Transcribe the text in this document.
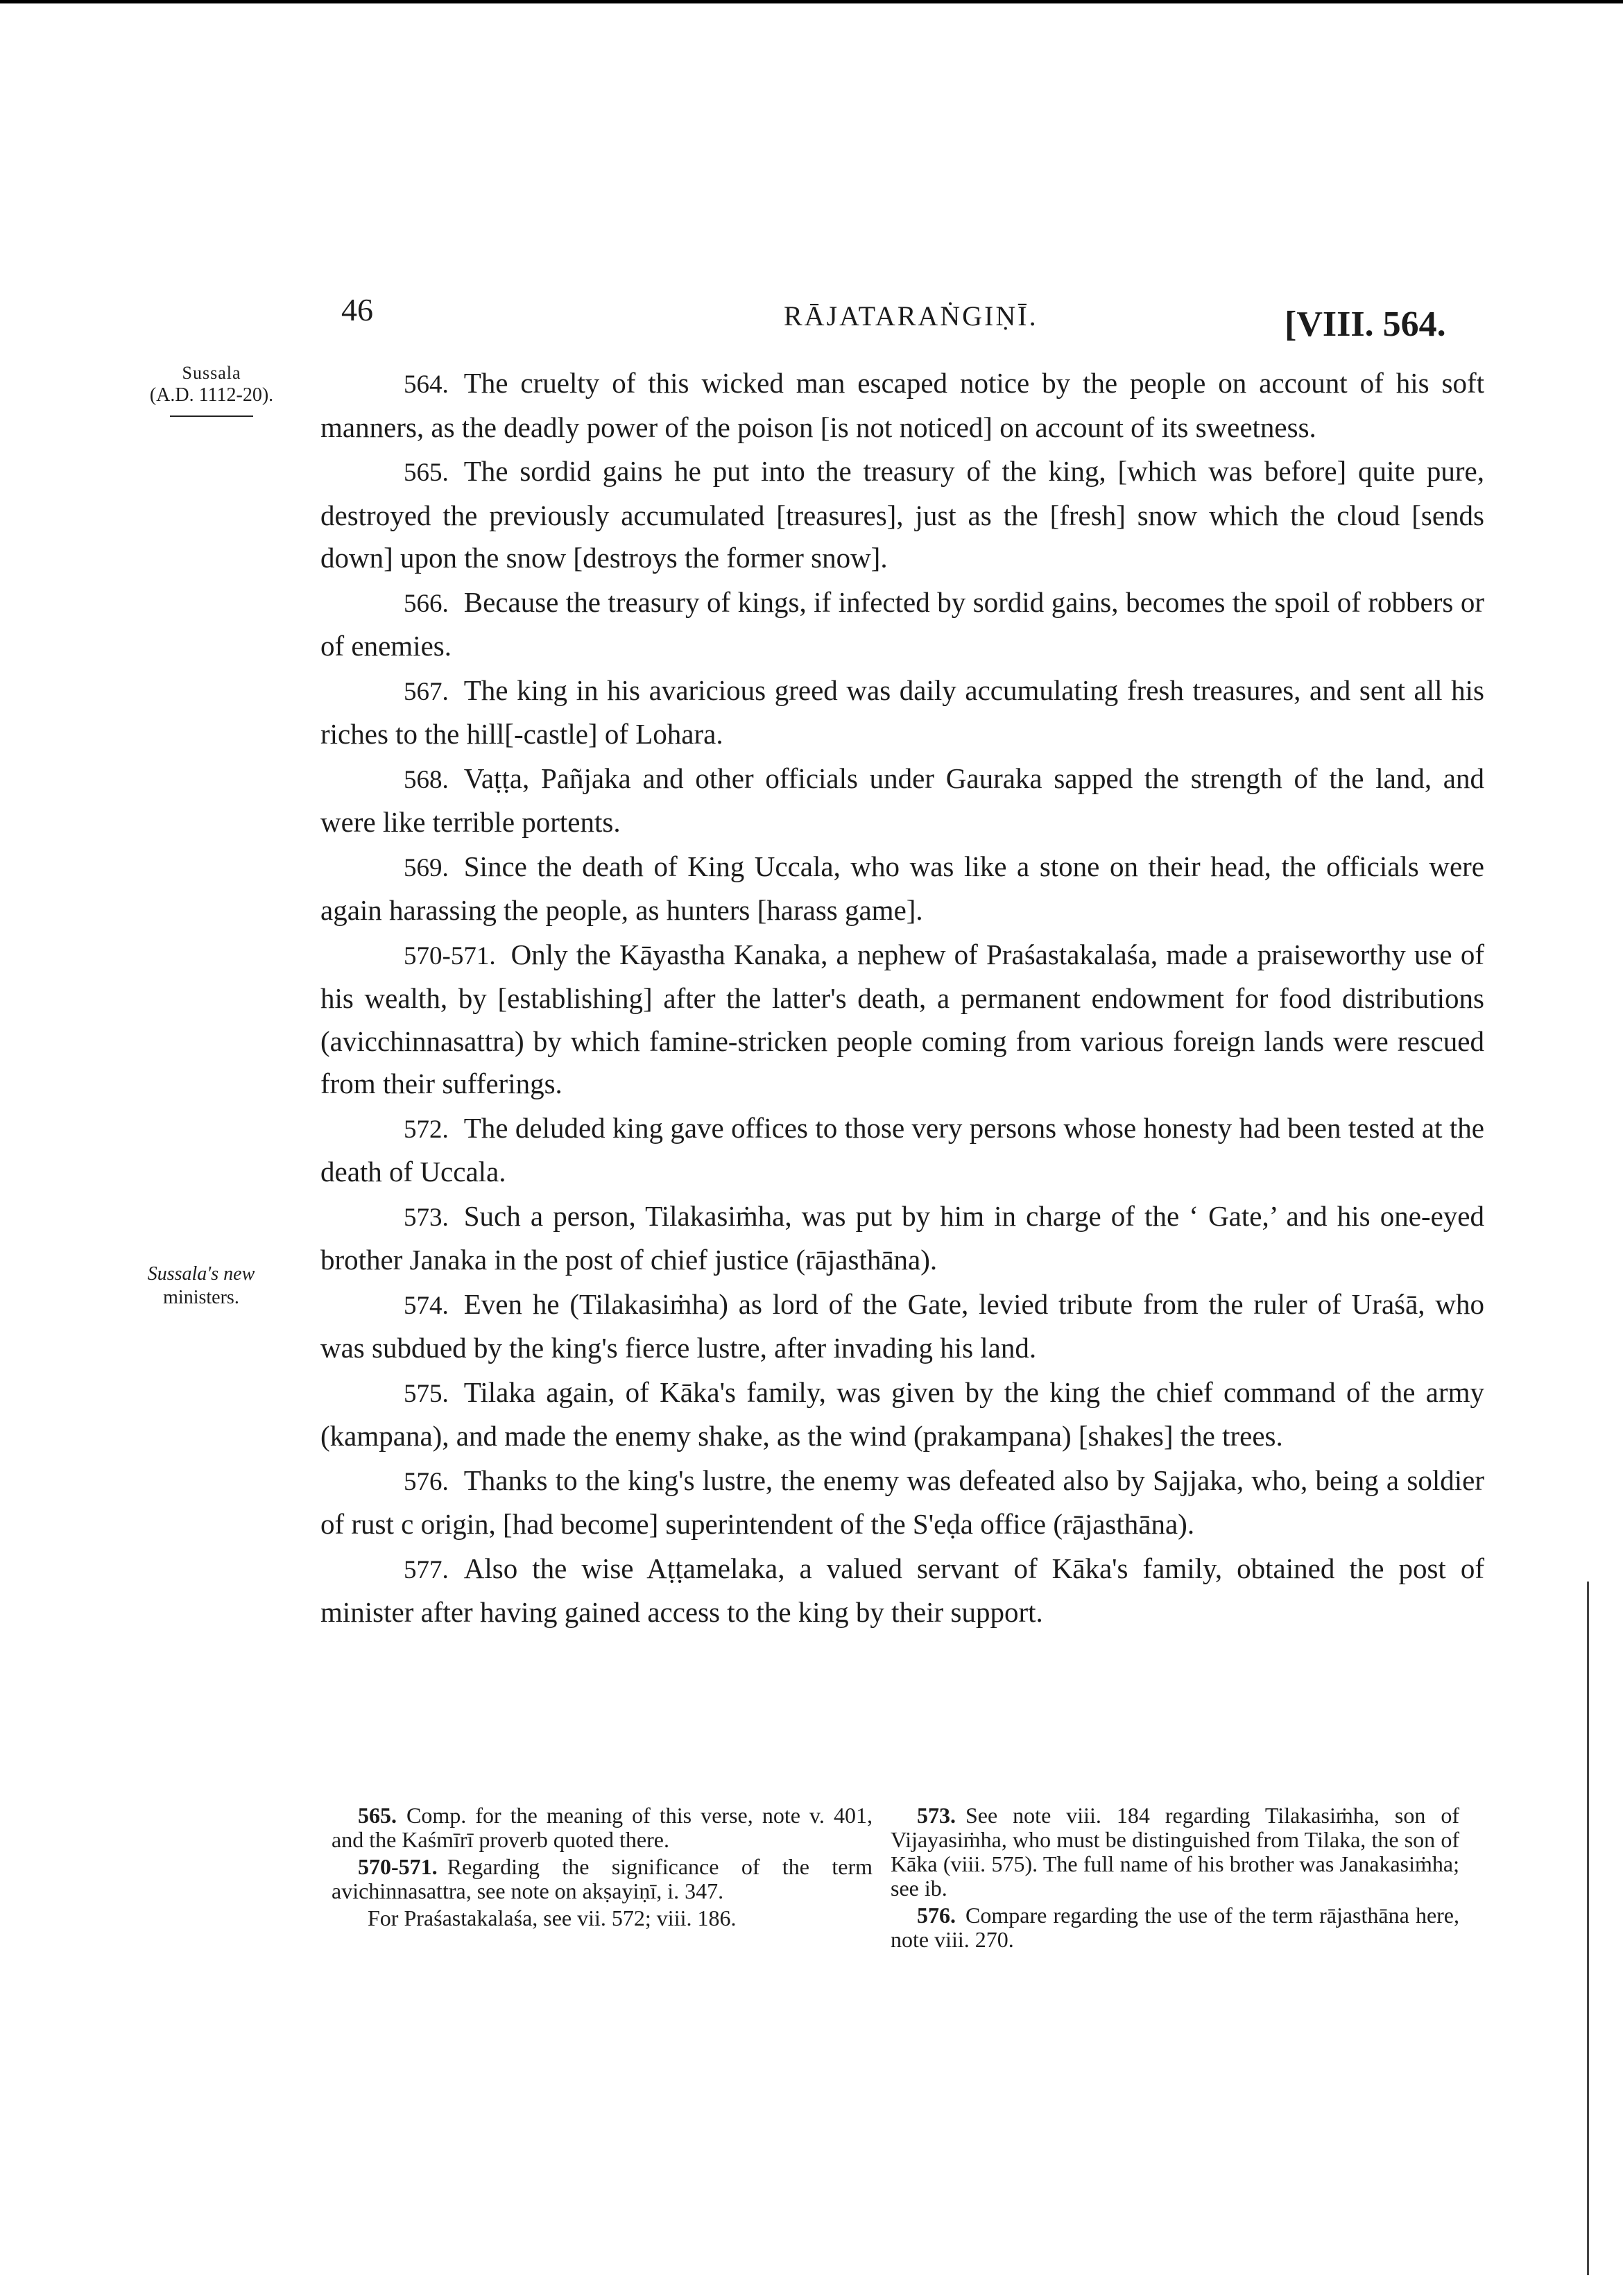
46	RĀJATARAṄGIṆĪ.	[VIII. 564.
Sussala
(A.D. 1112-20).
Sussala's new
ministers.

564. The cruelty of this wicked man escaped notice by the people on account of his soft manners, as the deadly power of the poison [is not noticed] on account of its sweetness.

565. The sordid gains he put into the treasury of the king, [which was before] quite pure, destroyed the previously accumulated [treasures], just as the [fresh] snow which the cloud [sends down] upon the snow [destroys the former snow].

566. Because the treasury of kings, if infected by sordid gains, becomes the spoil of robbers or of enemies.

567. The king in his avaricious greed was daily accumulating fresh treasures, and sent all his riches to the hill[-castle] of Lohara.

568. Vaṭṭa, Pañjaka and other officials under Gauraka sapped the strength of the land, and were like terrible portents.

569. Since the death of King Uccala, who was like a stone on their head, the officials were again harassing the people, as hunters [harass game].

570-571. Only the Kāyastha Kanaka, a nephew of Praśastakalaśa, made a praiseworthy use of his wealth, by [establishing] after the latter's death, a permanent endowment for food distributions (avicchinnasattra) by which famine-stricken people coming from various foreign lands were rescued from their sufferings.

572. The deluded king gave offices to those very persons whose honesty had been tested at the death of Uccala.

573. Such a person, Tilakasiṁha, was put by him in charge of the ‘ Gate,’ and his one-eyed brother Janaka in the post of chief justice (rājasthāna).

574. Even he (Tilakasiṁha) as lord of the Gate, levied tribute from the ruler of Uraśā, who was subdued by the king's fierce lustre, after invading his land.

575. Tilaka again, of Kāka's family, was given by the king the chief command of the army (kampana), and made the enemy shake, as the wind (prakampana) [shakes] the trees.

576. Thanks to the king's lustre, the enemy was defeated also by Sajjaka, who, being a soldier of rust c origin, [had become] superintendent of the S'eḍa office (rājasthāna).

577. Also the wise Aṭṭamelaka, a valued servant of Kāka's family, obtained the post of minister after having gained access to the king by their support.

565. Comp. for the meaning of this verse, note v. 401, and the Kaśmīrī proverb quoted there.

570-571. Regarding the significance of the term avichinnasattra, see note on akṣayiṇī, i. 347.

For Praśastakalaśa, see vii. 572; viii. 186.

573. See note viii. 184 regarding Tilakasiṁha, son of Vijayasiṁha, who must be distinguished from Tilaka, the son of Kāka (viii. 575). The full name of his brother was Janakasiṁha; see ib.

576. Compare regarding the use of the term rājasthāna here, note viii. 270.
